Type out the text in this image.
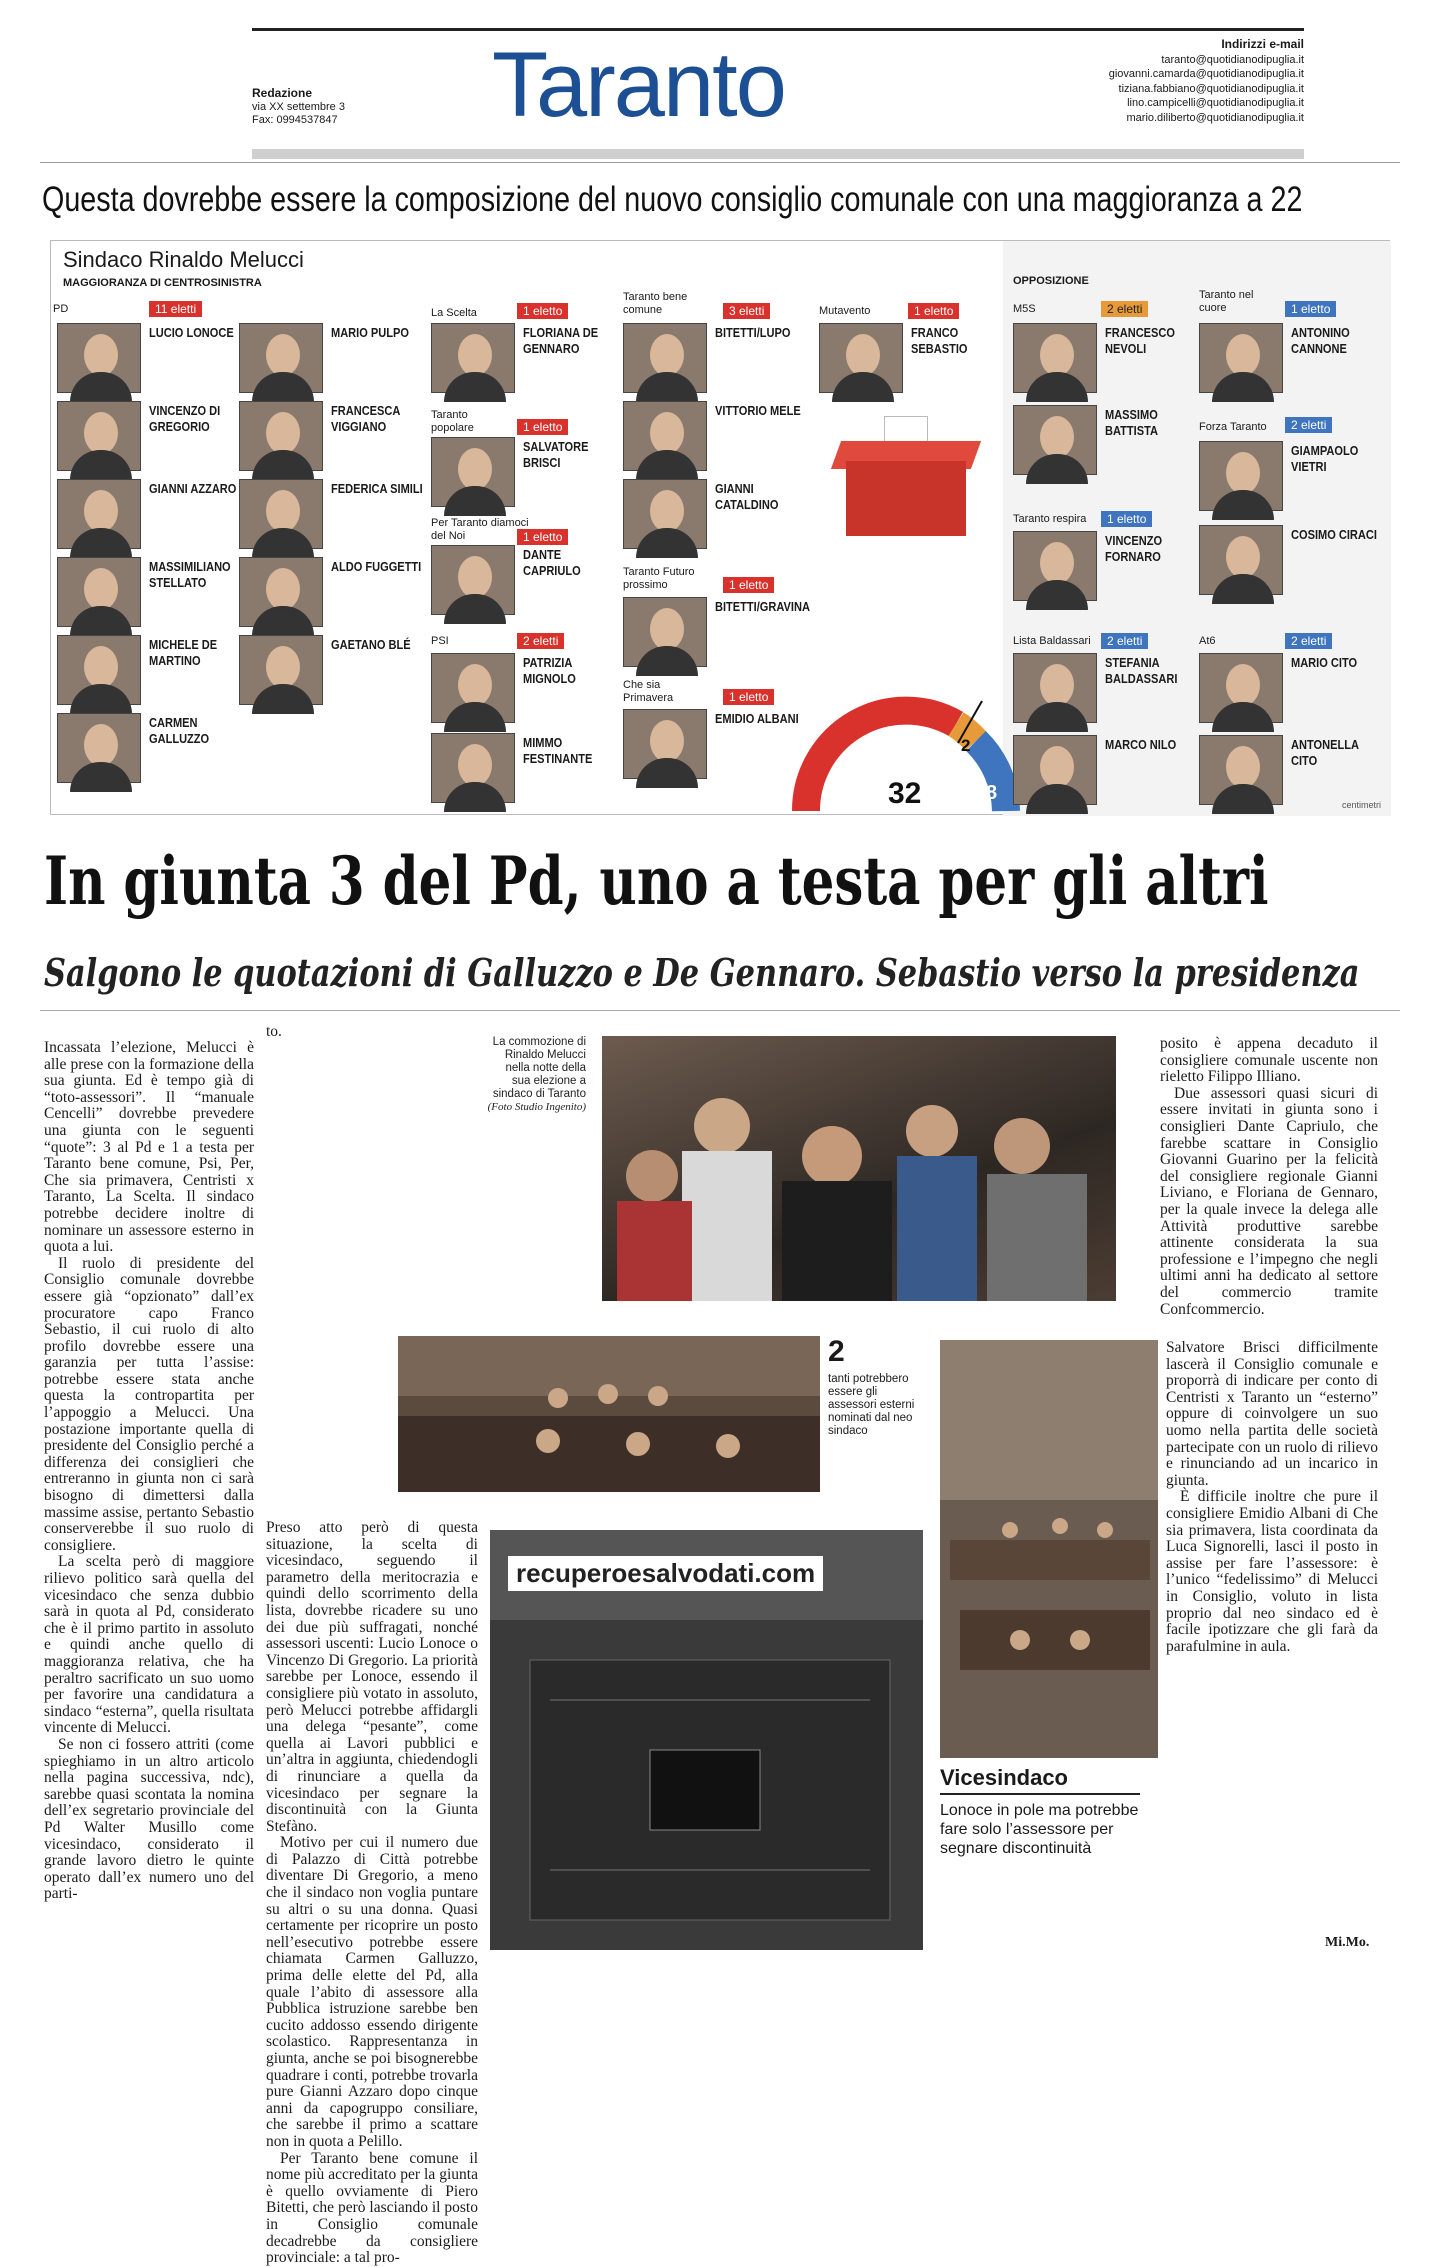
Redazione
via XX settembre 3
Fax: 0994537847 Taranto	Indirizzi e-mail
taranto@quotidianodipuglia.it
giovanni.camarda@quotidianodipuglia.it
tiziana.fabbiano@quotidianodipuglia.it
lino.campicelli@quotidianodipuglia.it
mario.diliberto@quotidianodipuglia.it
Questa dovrebbe essere la composizione del nuovo consiglio comunale con una maggioranza a 22
Sindaco Rinaldo Melucci
MAGGIORANZA DI CENTROSINISTRA
PD	11 eletti
LUCIO LONOCE
VINCENZO DI GREGORIO
GIANNI AZZARO
MASSIMILIANO STELLATO
MICHELE DE MARTINO
CARMEN GALLUZZO
MARIO PULPO
FRANCESCA VIGGIANO
FEDERICA SIMILI
ALDO FUGGETTI
GAETANO BLÉ
La Scelta	1 eletto
Taranto popolare	1 eletto
Per Taranto diamoci del Noi	1 eletto
PSI	2 eletti
Taranto bene comune	3 eletti
Taranto Futuro prossimo	1 eletto
Che sia Primavera	1 eletto
Mutavento	1 eletto
FLORIANA DE GENNARO
SALVATORE BRISCI
DANTE CAPRIULO
PATRIZIA MIGNOLO
MIMMO FESTINANTE
BITETTI/LUPO
VITTORIO MELE
GIANNI CATALDINO
BITETTI/GRAVINA
EMIDIO ALBANI
FRANCO SEBASTIO
22	2
8
32
OPPOSIZIONE
M5S	2 eletti
Taranto respira	1 eletto
Lista Baldassari	2 eletti
Taranto nel cuore	1 eletto
Forza Taranto	2 eletti
At6	2 eletti
FRANCESCO NEVOLI
MASSIMO BATTISTA
VINCENZO FORNARO
STEFANIA BALDASSARI
MARCO NILO
ANTONINO CANNONE
GIAMPAOLO VIETRI
COSIMO CIRACI
MARIO CITO
ANTONELLA CITO
centimetri
In giunta 3 del Pd, uno a testa per gli altri
Salgono le quotazioni di Galluzzo e De Gennaro. Sebastio verso la presidenza

Incassata l’elezione, Melucci è alle prese con la formazione della sua giunta. Ed è tempo già di “toto-assessori”. Il “manuale Cencelli” dovrebbe prevedere una giunta con le seguenti “quote”: 3 al Pd e 1 a testa per Taranto bene comune, Psi, Per, Che sia primavera, Centristi x Taranto, La Scelta. Il sindaco potrebbe decidere inoltre di nominare un assessore esterno in quota a lui.

Il ruolo di presidente del Consiglio comunale dovrebbe essere già “opzionato” dall’ex procuratore capo Franco Sebastio, il cui ruolo di alto profilo dovrebbe essere una garanzia per tutta l’assise: potrebbe essere stata anche questa la contropartita per l’appoggio a Melucci. Una postazione importante quella di presidente del Consiglio perché a differenza dei consiglieri che entreranno in giunta non ci sarà bisogno di dimettersi dalla massime assise, pertanto Sebastio conserverebbe il suo ruolo di consigliere.

La scelta però di maggiore rilievo politico sarà quella del vicesindaco che senza dubbio sarà in quota al Pd, considerato che è il primo partito in assoluto e quindi anche quello di maggioranza relativa, che ha peraltro sacrificato un suo uomo per favorire una candidatura a sindaco “esterna”, quella risultata vincente di Melucci.

Se non ci fossero attriti (come spieghiamo in un altro articolo nella pagina successiva, ndc), sarebbe quasi scontata la nomina dell’ex segretario provinciale del Pd Walter Musillo come vicesindaco, considerato il grande lavoro dietro le quinte operato dall’ex numero uno del parti-

to.

La commozione di Rinaldo Melucci nella notte della sua elezione a sindaco di Taranto
(Foto Studio Ingenito)
2
tanti potrebbero essere gli assessori esterni nominati dal neo sindaco
recuperoesalvodati.com

Preso atto però di questa situazione, la scelta di vicesindaco, seguendo il parametro della meritocrazia e quindi dello scorrimento della lista, dovrebbe ricadere su uno dei due più suffragati, nonché assessori uscenti: Lucio Lonoce o Vincenzo Di Gregorio. La priorità sarebbe per Lonoce, essendo il consigliere più votato in assoluto, però Melucci potrebbe affidargli una delega “pesante”, come quella ai Lavori pubblici e un’altra in aggiunta, chiedendogli di rinunciare a quella da vicesindaco per segnare la discontinuità con la Giunta Stefàno.

Motivo per cui il numero due di Palazzo di Città potrebbe diventare Di Gregorio, a meno che il sindaco non voglia puntare su altri o su una donna. Quasi certamente per ricoprire un posto nell’esecutivo potrebbe essere chiamata Carmen Galluzzo, prima delle elette del Pd, alla quale l’abito di assessore alla Pubblica istruzione sarebbe ben cucito addosso essendo dirigente scolastico. Rappresentanza in giunta, anche se poi bisognerebbe quadrare i conti, potrebbe trovarla pure Gianni Azzaro dopo cinque anni da capogruppo consiliare, che sarebbe il primo a scattare non in quota a Pelillo.

Per Taranto bene comune il nome più accreditato per la giunta è quello ovviamente di Piero Bitetti, che però lasciando il posto in Consiglio comunale decadrebbe da consigliere provinciale: a tal pro-

posito è appena decaduto il consigliere comunale uscente non rieletto Filippo Illiano.

Due assessori quasi sicuri di essere invitati in giunta sono i consiglieri Dante Capriulo, che farebbe scattare in Consiglio Giovanni Guarino per la felicità del consigliere regionale Gianni Liviano, e Floriana de Gennaro, per la quale invece la delega alle Attività produttive sarebbe attinente considerata la sua professione e l’impegno che negli ultimi anni ha dedicato al settore del commercio tramite Confcommercio.

Salvatore Brisci difficilmente lascerà il Consiglio comunale e proporrà di indicare per conto di Centristi x Taranto un “esterno” oppure di coinvolgere un suo uomo nella partita delle società partecipate con un ruolo di rilievo e rinunciando ad un incarico in giunta.

È difficile inoltre che pure il consigliere Emidio Albani di Che sia primavera, lista coordinata da Luca Signorelli, lasci il posto in assise per fare l’assessore: è l’unico “fedelissimo” di Melucci in Consiglio, voluto in lista proprio dal neo sindaco ed è facile ipotizzare che gli farà da parafulmine in aula.

Vicesindaco
Lonoce in pole ma potrebbe fare solo l’assessore per segnare discontinuità
Mi.Mo.
